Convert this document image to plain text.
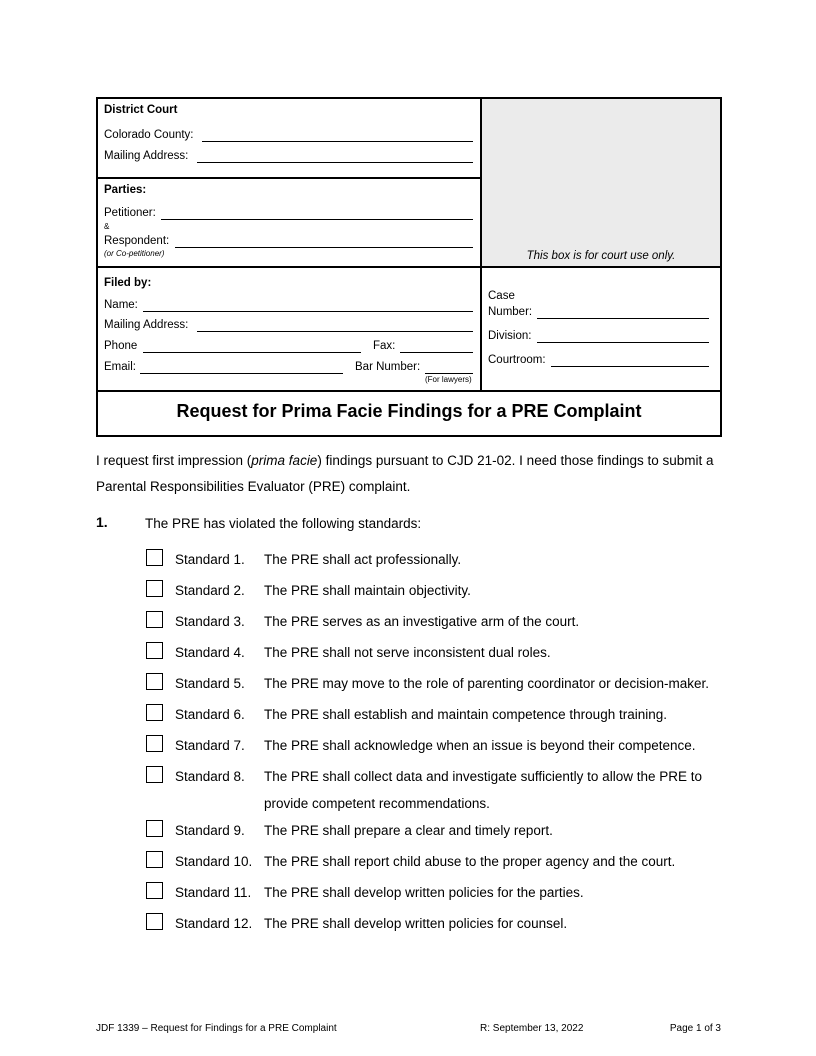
District Court
Colorado County:
Mailing Address:
Parties:
Petitioner:
&
Respondent:
(or Co-petitioner)	This box is for court use only.
Filed by:
Name:
Mailing Address:
Phone	Fax:
Email:	Bar Number:
(For lawyers)
Case
Number:
Division:
Courtroom:
Request for Prima Facie Findings for a PRE Complaint
I request first impression (prima facie) findings pursuant to CJD 21-02. I need those findings to submit a Parental Responsibilities Evaluator (PRE) complaint.
1.	The PRE has violated the following standards:
Standard 1. The PRE shall act professionally.
Standard 2. The PRE shall maintain objectivity.
Standard 3. The PRE serves as an investigative arm of the court.
Standard 4. The PRE shall not serve inconsistent dual roles.
Standard 5. The PRE may move to the role of parenting coordinator or decision-maker.
Standard 6. The PRE shall establish and maintain competence through training.
Standard 7. The PRE shall acknowledge when an issue is beyond their competence.
Standard 8. The PRE shall collect data and investigate sufficiently to allow the PRE to
provide competent recommendations.
Standard 9. The PRE shall prepare a clear and timely report.
Standard 10. The PRE shall report child abuse to the proper agency and the court.
Standard 11. The PRE shall develop written policies for the parties.
Standard 12. The PRE shall develop written policies for counsel.
JDF 1339 – Request for Findings for a PRE Complaint	R: September 13, 2022	Page 1 of 3
